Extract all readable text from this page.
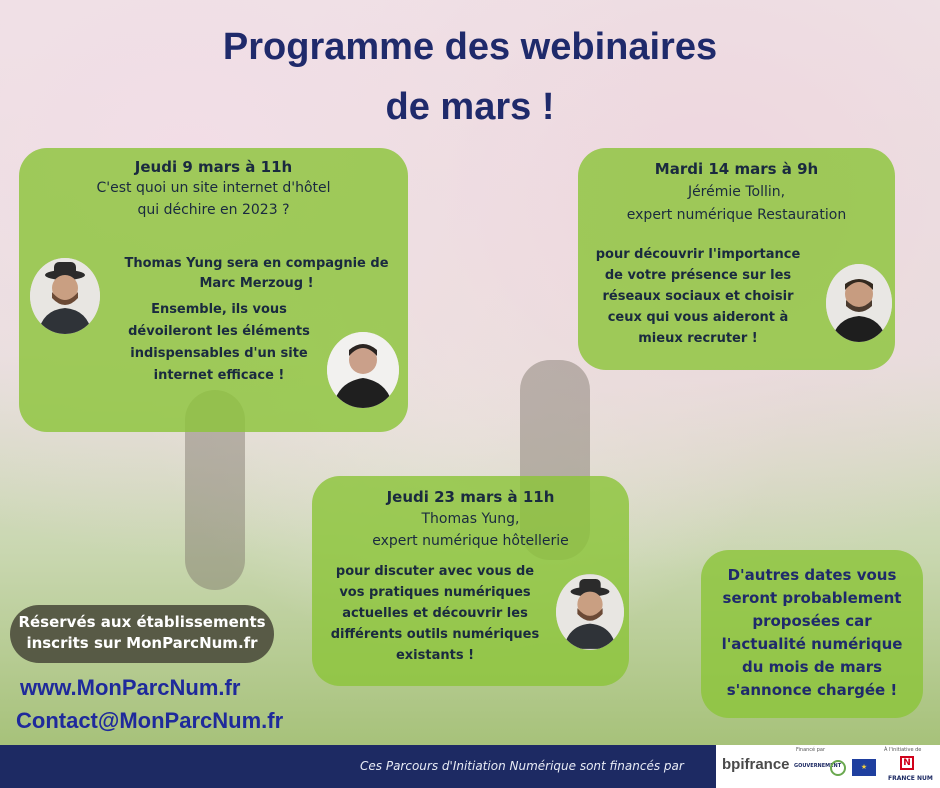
Programme des webinaires
de mars !
Jeudi 9 mars à 11h
C'est quoi un site internet d'hôtel
qui déchire en 2023 ?
Thomas Yung sera en compagnie de
Marc Merzoug !
Ensemble, ils vous
dévoileront les éléments
indispensables d'un site
internet efficace !
Mardi 14 mars à 9h
Jérémie Tollin,
expert numérique Restauration
pour découvrir l'importance
de votre présence sur les
réseaux sociaux et choisir
ceux qui vous aideront à
mieux recruter !
Jeudi 23 mars à 11h
Thomas Yung,
expert numérique hôtellerie
pour discuter avec vous de
vos pratiques numériques
actuelles et découvrir les
différents outils numériques
existants !
D'autres dates vous
seront probablement
proposées car
l'actualité numérique
du mois de mars
s'annonce chargée !
Réservés aux établissements
inscrits sur MonParcNum.fr
www.MonParcNum.fr
Contact@MonParcNum.fr
Ces Parcours d'Initiation Numérique sont financés par	bpifrance
Financé par
GOUVERNEMENT	★
À l'initiative de
N
FRANCE NUM
